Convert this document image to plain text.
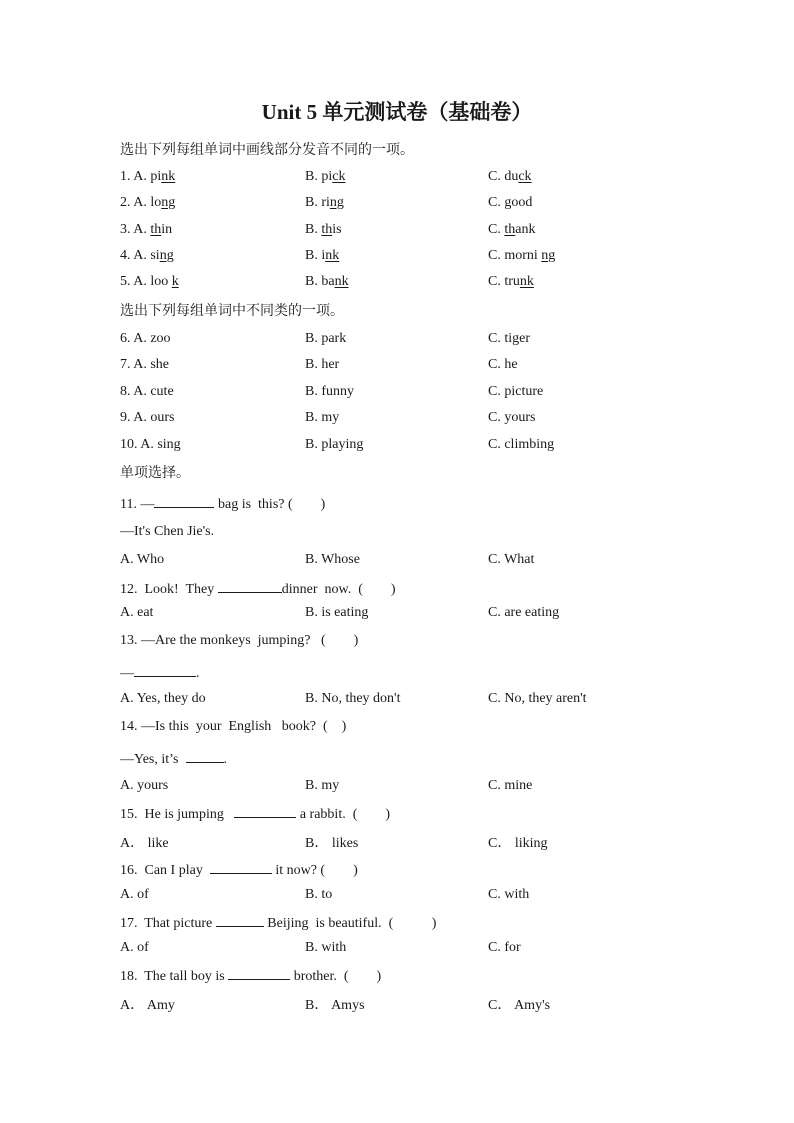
Unit 5 单元测试卷（基础卷）
选出下列每组单词中画线部分发音不同的一项。
1. A. pink	B. pick	C. duck
2. A. long	B. ring	C. good
3. A. thin	B. this	C. thank
4. A. sing	B. ink	C. morni ng
5. A. loo k	B. bank	C. trunk
选出下列每组单词中不同类的一项。
6. A. zoo	B. park	C. tiger
7. A. she	B. her	C. he
8. A. cute	B. funny	C. picture
9. A. ours	B. my	C. yours
10. A. sing	B. playing	C. climbing
单项选择。
11. —	bag is  this? (        )
—It's Chen Jie's.
A. Who	B. Whose	C. What
12.  Look!  They	dinner  now.  (        )
A. eat	B. is eating	C. are eating
13. —Are the monkeys  jumping?   (        )
—	.
A. Yes, they do	B. No, they don't	C. No, they aren't
14. —Is this  your  English   book?  (    )
—Yes, it’s	.
A. yours	B. my	C. mine
15.  He is jumping	a rabbit.  (        )
A． like	B． likes	C． liking
16.  Can I play	it now? (        )
A. of	B. to	C. with
17.  That picture	Beijing  is beautiful.  (           )
A. of	B. with	C. for
18.  The tall boy is	brother.  (        )
A． Amy	B． Amys	C． Amy's
